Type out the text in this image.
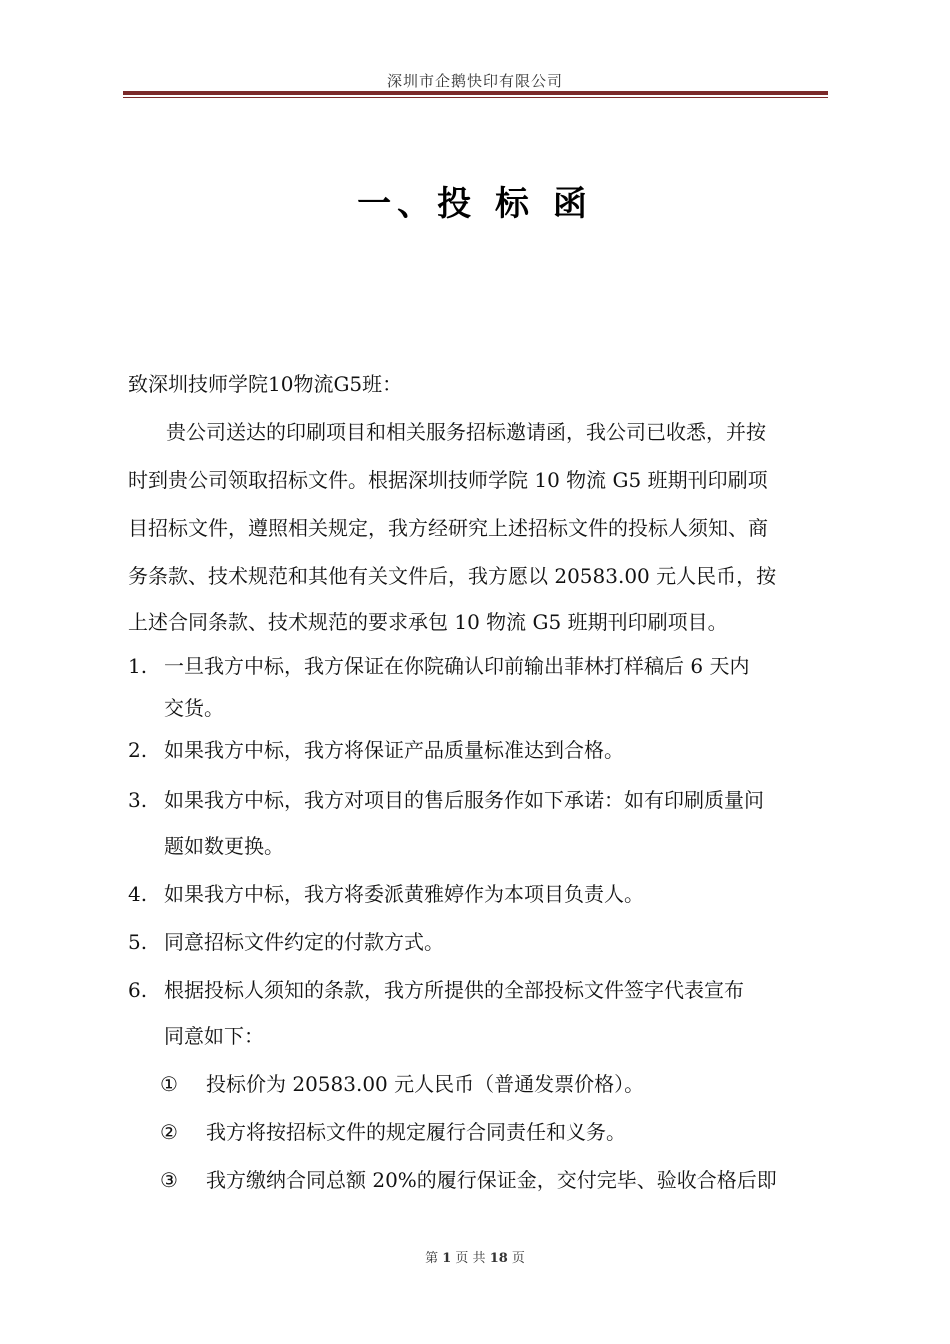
深圳市企鹅快印有限公司
一、投 标 函
致深圳技师学院10物流G5班：
贵公司送达的印刷项目和相关服务招标邀请函，我公司已收悉，并按
时到贵公司领取招标文件。根据深圳技师学院 10 物流 G5 班期刊印刷项
目招标文件，遵照相关规定，我方经研究上述招标文件的投标人须知、商
务条款、技术规范和其他有关文件后，我方愿以 20583.00 元人民币，按
上述合同条款、技术规范的要求承包 10 物流 G5 班期刊印刷项目。
1. 一旦我方中标，我方保证在你院确认印前输出菲林打样稿后 6 天内
交货。
2. 如果我方中标，我方将保证产品质量标准达到合格。
3. 如果我方中标，我方对项目的售后服务作如下承诺：如有印刷质量问
题如数更换。
4. 如果我方中标，我方将委派黄雅婷作为本项目负责人。
5. 同意招标文件约定的付款方式。
6. 根据投标人须知的条款，我方所提供的全部投标文件签字代表宣布
同意如下：
① 投标价为 20583.00 元人民币（普通发票价格）。
② 我方将按招标文件的规定履行合同责任和义务。
③ 我方缴纳合同总额 20%的履行保证金，交付完毕、验收合格后即
第 1 页 共 18 页
